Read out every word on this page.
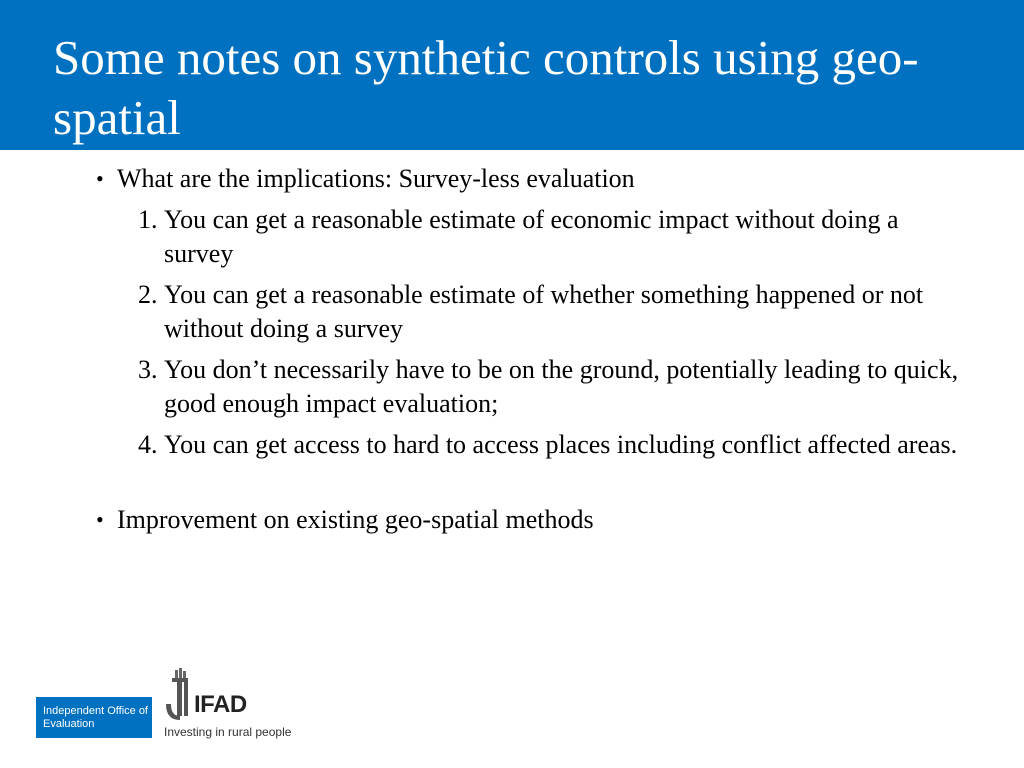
Some notes on synthetic controls using geo-spatial
• What are the implications: Survey-less evaluation
1. You can get a reasonable estimate of economic impact without doing a survey
2. You can get a reasonable estimate of whether something happened or not without doing a survey
3. You don’t necessarily have to be on the ground, potentially leading to quick, good enough impact evaluation;
4. You can get access to hard to access places including conflict affected areas.
• Improvement on existing geo-spatial methods
Independent Office of Evaluation
IFAD
Investing in rural people
